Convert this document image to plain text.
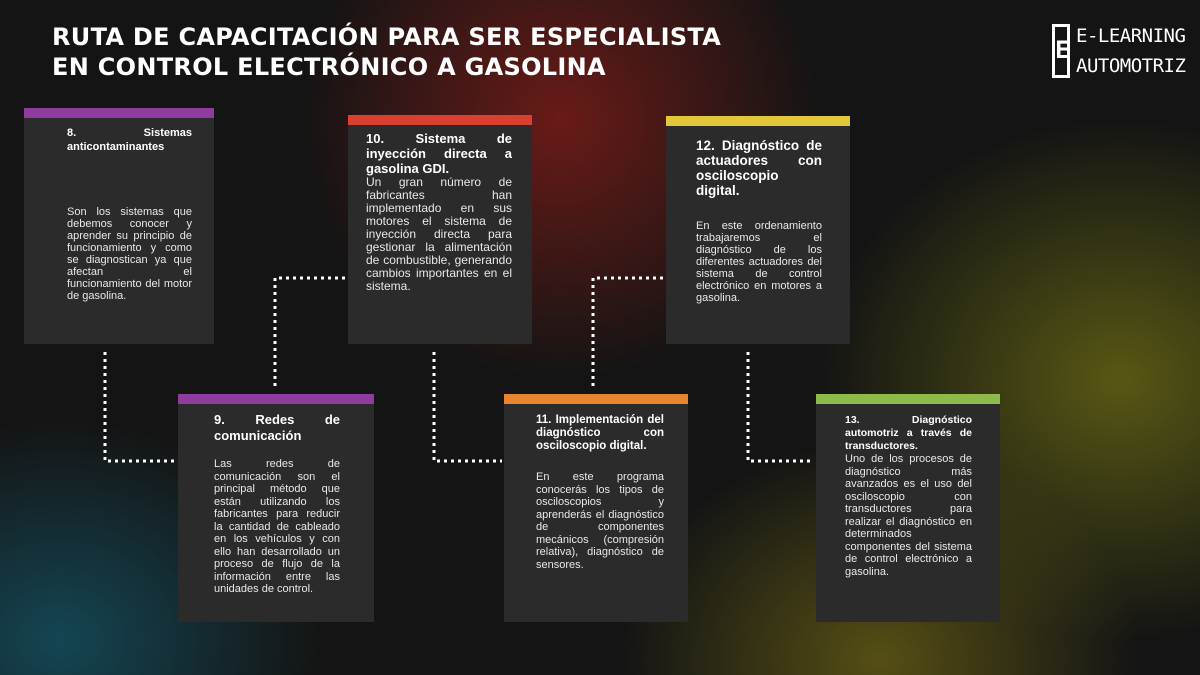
RUTA DE CAPACITACIÓN PARA SER ESPECIALISTA
EN CONTROL ELECTRÓNICO A GASOLINA
E E-LEARNING
AUTOMOTRIZ
8. Sistemas anticontaminantes

Son los sistemas que debemos conocer y aprender su principio de funcionamiento y como se diagnostican ya que afectan el funcionamiento del motor de gasolina.

9. Redes de comunicación

Las redes de comunicación son el principal método que están utilizando los fabricantes para reducir la cantidad de cableado en los vehículos y con ello han desarrollado un proceso de flujo de la información entre las unidades de control.

10. Sistema de inyección directa a gasolina GDI.

Un gran número de fabricantes han implementado en sus motores el sistema de inyección directa para gestionar la alimentación de combustible, generando cambios importantes en el sistema.

11. Implementación del diagnóstico con osciloscopio digital.

En este programa conocerás los tipos de osciloscopios y aprenderás el diagnóstico de componentes mecánicos (compresión relativa), diagnóstico de sensores.

12. Diagnóstico de actuadores con osciloscopio digital.

En este ordenamiento trabajaremos el diagnóstico de los diferentes actuadores del sistema de control electrónico en motores a gasolina.

13. Diagnóstico automotriz a través de transductores.

Uno de los procesos de diagnóstico más avanzados es el uso del osciloscopio con transductores para realizar el diagnóstico en determinados componentes del sistema de control electrónico a gasolina.
